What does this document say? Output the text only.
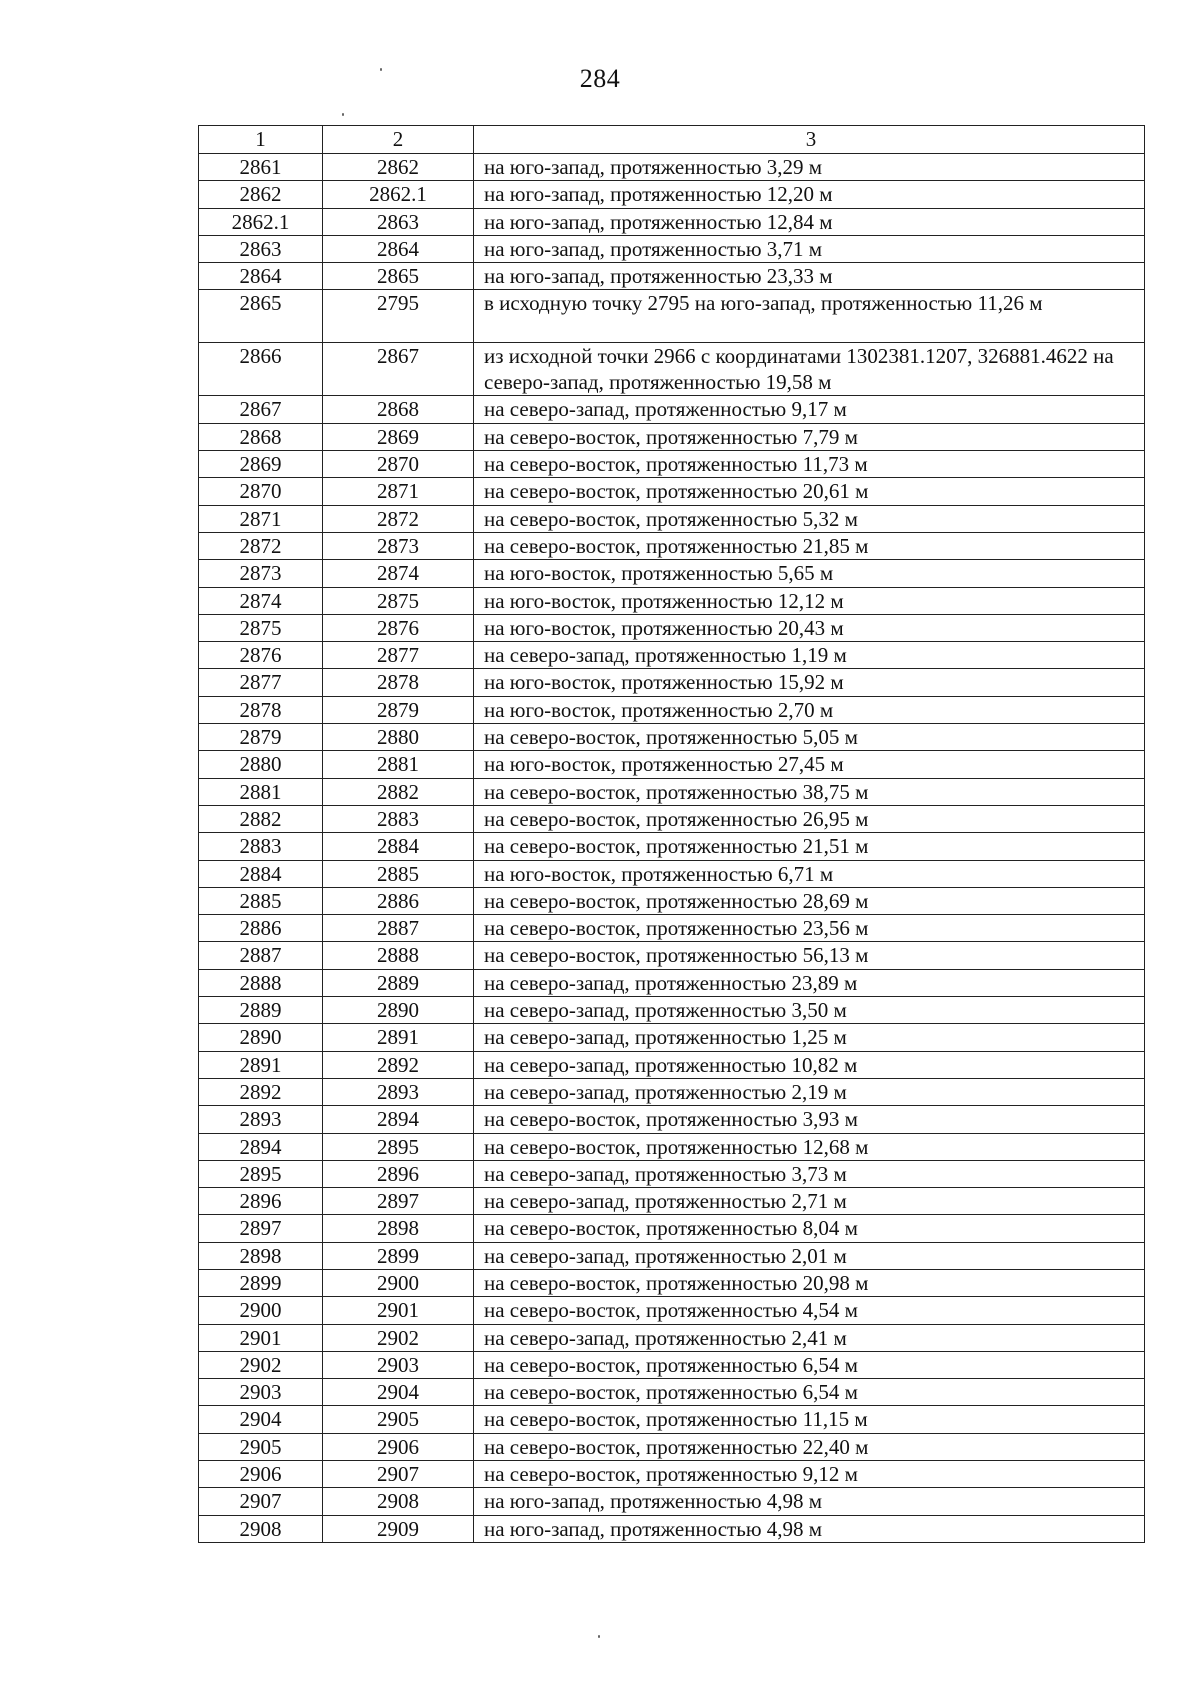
284
1	2	3
2861	2862	на юго-запад, протяженностью 3,29 м
2862	2862.1	на юго-запад, протяженностью 12,20 м
2862.1	2863	на юго-запад, протяженностью 12,84 м
2863	2864	на юго-запад, протяженностью 3,71 м
2864	2865	на юго-запад, протяженностью 23,33 м
2865	2795	в исходную точку 2795 на юго-запад, протяженностью 11,26 м
2866	2867	из исходной точки 2966 с координатами 1302381.1207, 326881.4622 на северо-запад, протяженностью 19,58 м
2867	2868	на северо-запад, протяженностью 9,17 м
2868	2869	на северо-восток, протяженностью 7,79 м
2869	2870	на северо-восток, протяженностью 11,73 м
2870	2871	на северо-восток, протяженностью 20,61 м
2871	2872	на северо-восток, протяженностью 5,32 м
2872	2873	на северо-восток, протяженностью 21,85 м
2873	2874	на юго-восток, протяженностью 5,65 м
2874	2875	на юго-восток, протяженностью 12,12 м
2875	2876	на юго-восток, протяженностью 20,43 м
2876	2877	на северо-запад, протяженностью 1,19 м
2877	2878	на юго-восток, протяженностью 15,92 м
2878	2879	на юго-восток, протяженностью 2,70 м
2879	2880	на северо-восток, протяженностью 5,05 м
2880	2881	на юго-восток, протяженностью 27,45 м
2881	2882	на северо-восток, протяженностью 38,75 м
2882	2883	на северо-восток, протяженностью 26,95 м
2883	2884	на северо-восток, протяженностью 21,51 м
2884	2885	на юго-восток, протяженностью 6,71 м
2885	2886	на северо-восток, протяженностью 28,69 м
2886	2887	на северо-восток, протяженностью 23,56 м
2887	2888	на северо-восток, протяженностью 56,13 м
2888	2889	на северо-запад, протяженностью 23,89 м
2889	2890	на северо-запад, протяженностью 3,50 м
2890	2891	на северо-запад, протяженностью 1,25 м
2891	2892	на северо-запад, протяженностью 10,82 м
2892	2893	на северо-запад, протяженностью 2,19 м
2893	2894	на северо-восток, протяженностью 3,93 м
2894	2895	на северо-восток, протяженностью 12,68 м
2895	2896	на северо-запад, протяженностью 3,73 м
2896	2897	на северо-запад, протяженностью 2,71 м
2897	2898	на северо-восток, протяженностью 8,04 м
2898	2899	на северо-запад, протяженностью 2,01 м
2899	2900	на северо-восток, протяженностью 20,98 м
2900	2901	на северо-восток, протяженностью 4,54 м
2901	2902	на северо-запад, протяженностью 2,41 м
2902	2903	на северо-восток, протяженностью 6,54 м
2903	2904	на северо-восток, протяженностью 6,54 м
2904	2905	на северо-восток, протяженностью 11,15 м
2905	2906	на северо-восток, протяженностью 22,40 м
2906	2907	на северо-восток, протяженностью 9,12 м
2907	2908	на юго-запад, протяженностью 4,98 м
2908	2909	на юго-запад, протяженностью 4,98 м
